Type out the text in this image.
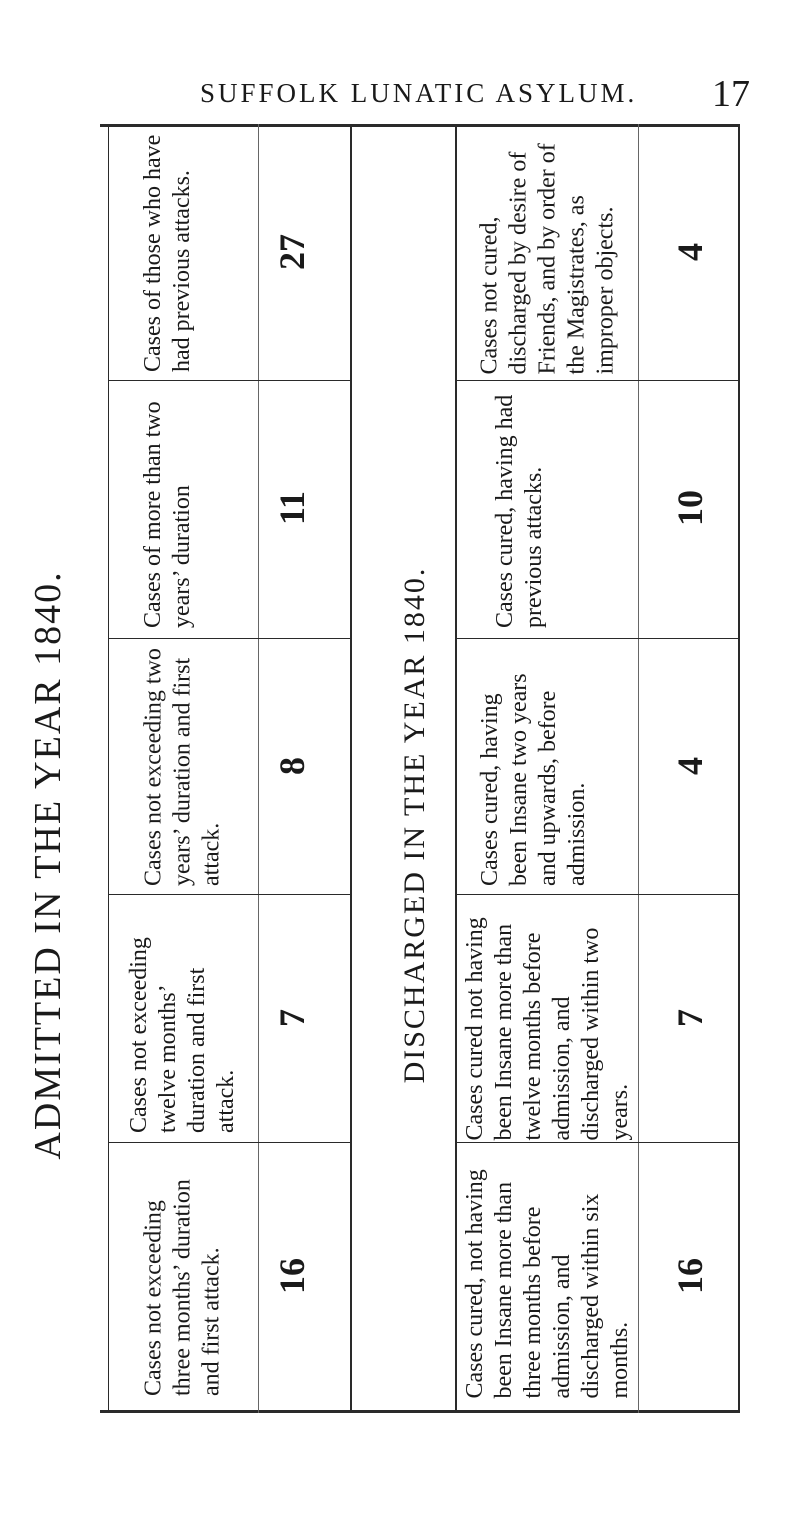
SUFFOLK LUNATIC ASYLUM. 17
ADMITTED IN THE YEAR 1840.	DISCHARGED IN THE YEAR 1840.
Cases not exceeding three months’ duration and first attack. 16
Cases not exceeding twelve months’ duration and first attack.
7
Cases not exceeding two years’ duration and first attack.
8
Cases of more than two years’ duration 11
Cases of those who have had previous attacks. 27
Cases cured, not having been Insane more than three months before admission, and discharged within six months.
16
Cases cured not having been Insane more than twelve months before admission, and discharged within two years.
7
Cases cured, having been Insane two years and upwards, before admission.
4
Cases cured, having had previous attacks.	10
Cases not cured, discharged by desire of Friends, and by order of the Magistrates, as improper objects. 4
